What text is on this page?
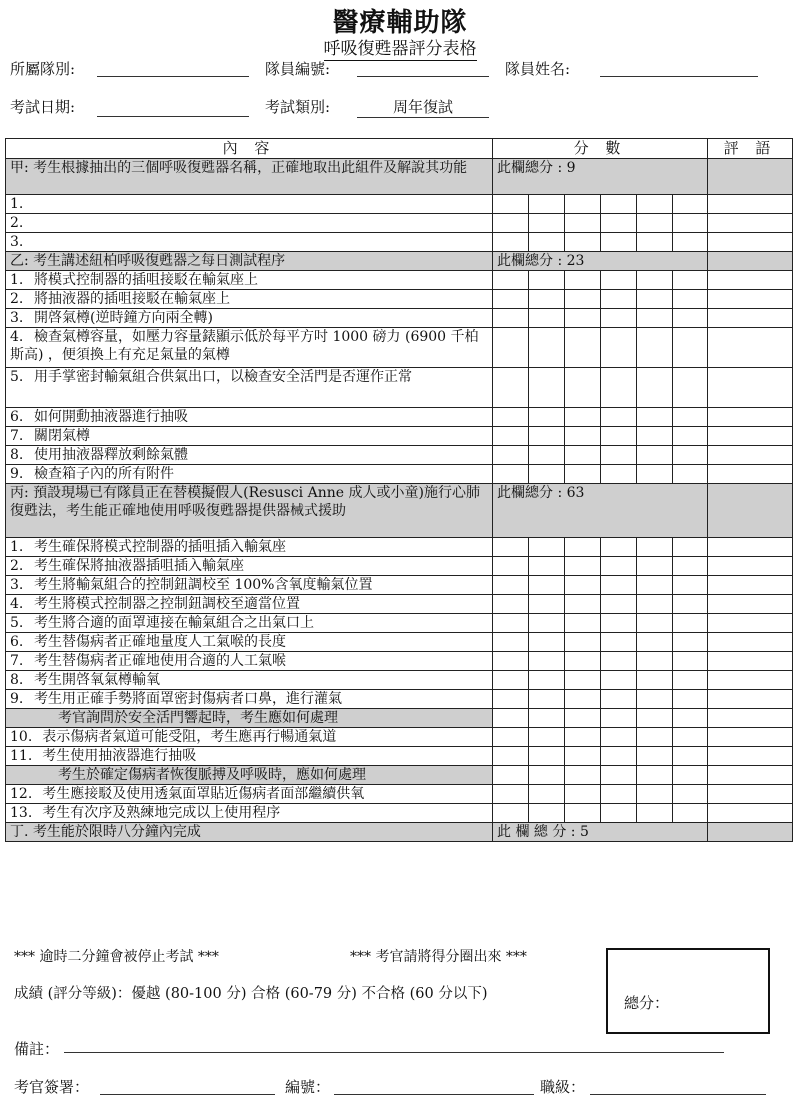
醫療輔助隊
呼吸復甦器評分表格
所屬隊別:	隊員編號:	隊員姓名:
考試日期:	考試類別:	周年復試
內 容	分 數						評 語
甲: 考生根據抽出的三個呼吸復甦器名稱，正確地取出此組件及解說其功能	此欄總分 : 9						
1.							
2.							
3.							
乙: 考生講述紐柏呼吸復甦器之每日測試程序	此欄總分 : 23						
1. 將模式控制器的插咀接駁在輸氣座上							
2. 將抽液器的插咀接駁在輸氣座上							
3. 開啓氣樽(逆時鐘方向兩全轉)							
4. 檢查氣樽容量，如壓力容量錶顯示低於每平方吋 1000 磅力 (6900 千柏斯高) ，便須換上有充足氣量的氣樽							
5. 用手掌密封輸氣組合供氣出口，以檢查安全活門是否運作正常							
6. 如何開動抽液器進行抽吸							
7. 關閉氣樽							
8. 使用抽液器釋放剩餘氣體							
9. 檢查箱子內的所有附件							
丙: 預設現場已有隊員正在替模擬假人(Resusci Anne 成人或小童)施行心肺復甦法，考生能正確地使用呼吸復甦器提供器械式援助	此欄總分 : 63						
1. 考生確保將模式控制器的插咀插入輸氣座							
2. 考生確保將抽液器插咀插入輸氣座							
3. 考生將輸氣組合的控制鈕調校至 100%含氧度輸氣位置							
4. 考生將模式控制器之控制鈕調校至適當位置							
5. 考生將合適的面罩連接在輸氣組合之出氣口上							
6. 考生替傷病者正確地量度人工氣喉的長度							
7. 考生替傷病者正確地使用合適的人工氣喉							
8. 考生開啓氧氣樽輸氧							
9. 考生用正確手勢將面罩密封傷病者口鼻，進行灌氣							
考官詢問於安全活門響起時，考生應如何處理							
10. 表示傷病者氣道可能受阻，考生應再行暢通氣道							
11. 考生使用抽液器進行抽吸							
考生於確定傷病者恢復脈搏及呼吸時，應如何處理							
12. 考生應接駁及使用透氣面罩貼近傷病者面部繼續供氧							
13. 考生有次序及熟練地完成以上使用程序							
丁. 考生能於限時八分鐘內完成	此 欄 總 分 : 5						
*** 逾時二分鐘會被停止考試 ***	*** 考官請將得分圈出來 ***
成績 (評分等級)：優越 (80-100 分) 合格 (60-79 分) 不合格 (60 分以下)	總分：
備註：
考官簽署：	編號：	職級：
